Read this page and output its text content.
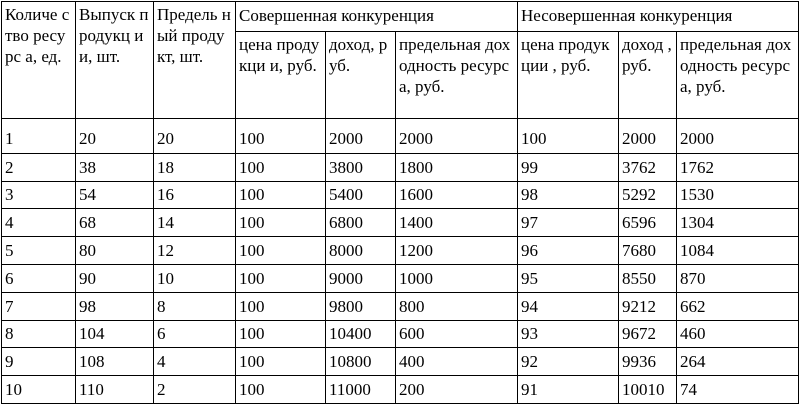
Количе ство ресурс а, ед.	Выпуск продукц ии, шт.	Предель ный продукт, шт.	Совершенная конкуренция			Несовершенная конкуренция		
			цена продукци и, руб.	доход, руб.	предельная доходность ресурса, руб.	цена продукции , руб.	доход , руб.	предельная доходность ресурса, руб.
1	20	20	100	2000	2000	100	2000	2000
2	38	18	100	3800	1800	99	3762	1762
3	54	16	100	5400	1600	98	5292	1530
4	68	14	100	6800	1400	97	6596	1304
5	80	12	100	8000	1200	96	7680	1084
6	90	10	100	9000	1000	95	8550	870
7	98	8	100	9800	800	94	9212	662
8	104	6	100	10400	600	93	9672	460
9	108	4	100	10800	400	92	9936	264
10	110	2	100	11000	200	91	10010	74
